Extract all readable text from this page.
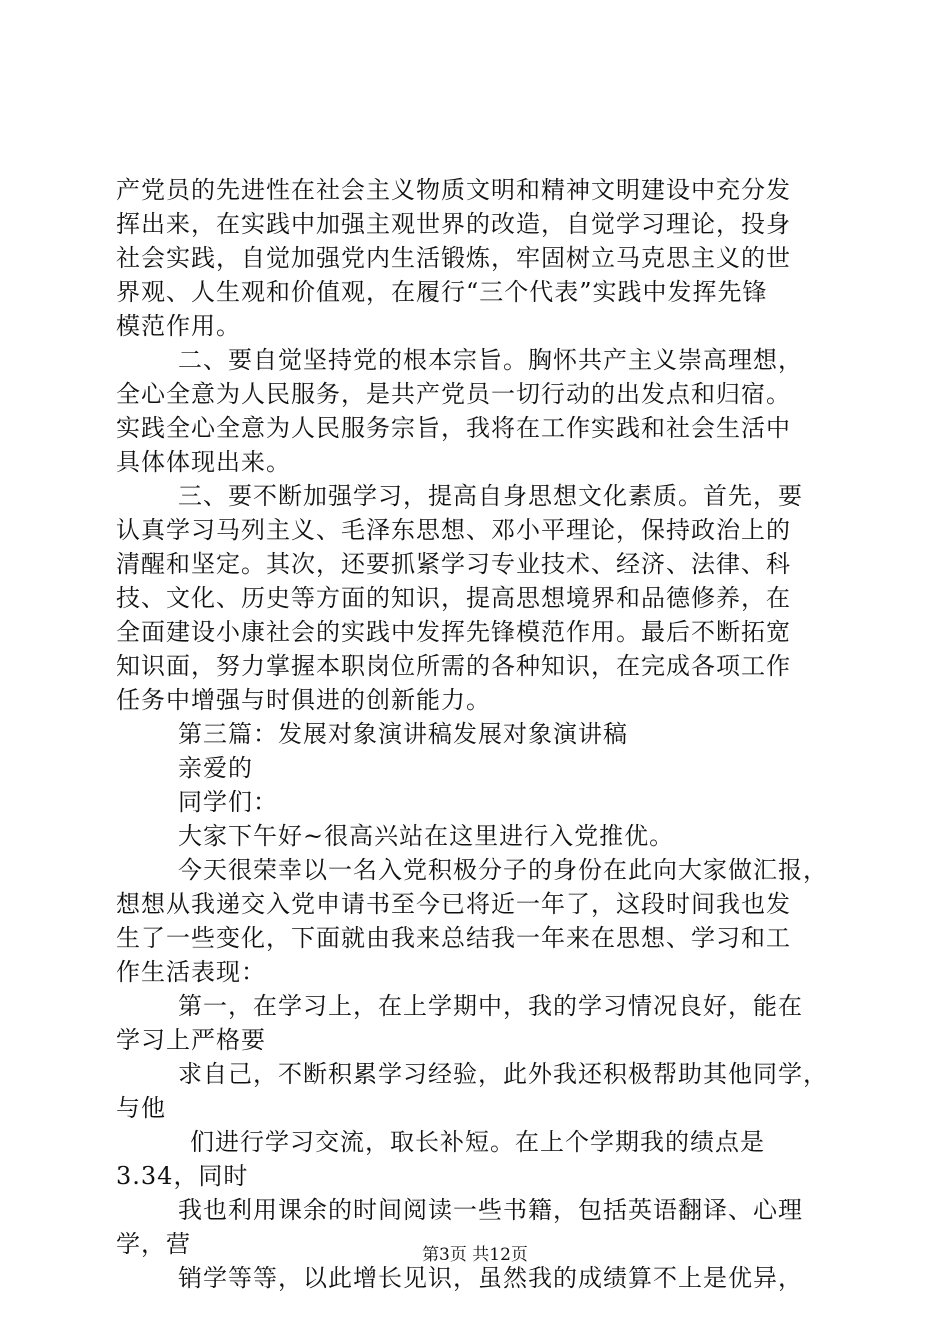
产党员的先进性在社会主义物质文明和精神文明建设中充分发
挥出来，在实践中加强主观世界的改造，自觉学习理论，投身
社会实践，自觉加强党内生活锻炼，牢固树立马克思主义的世
界观、人生观和价值观，在履行“三个代表”实践中发挥先锋
模范作用。
二、要自觉坚持党的根本宗旨。胸怀共产主义崇高理想，
全心全意为人民服务，是共产党员一切行动的出发点和归宿。
实践全心全意为人民服务宗旨，我将在工作实践和社会生活中
具体体现出来。
三、要不断加强学习，提高自身思想文化素质。首先，要
认真学习马列主义、毛泽东思想、邓小平理论，保持政治上的
清醒和坚定。其次，还要抓紧学习专业技术、经济、法律、科
技、文化、历史等方面的知识，提高思想境界和品德修养，在
全面建设小康社会的实践中发挥先锋模范作用。最后不断拓宽
知识面，努力掌握本职岗位所需的各种知识，在完成各项工作
任务中增强与时俱进的创新能力。
第三篇：发展对象演讲稿发展对象演讲稿
亲爱的
同学们：
大家下午好~很高兴站在这里进行入党推优。
今天很荣幸以一名入党积极分子的身份在此向大家做汇报，
想想从我递交入党申请书至今已将近一年了，这段时间我也发
生了一些变化，下面就由我来总结我一年来在思想、学习和工
作生活表现：
第一，在学习上，在上学期中，我的学习情况良好，能在
学习上严格要
求自己，不断积累学习经验，此外我还积极帮助其他同学，
与他
们进行学习交流，取长补短。在上个学期我的绩点是
3.34，同时
我也利用课余的时间阅读一些书籍，包括英语翻译、心理
学，营
销学等等，以此增长见识，虽然我的成绩算不上是优异，
第3页 共12页
